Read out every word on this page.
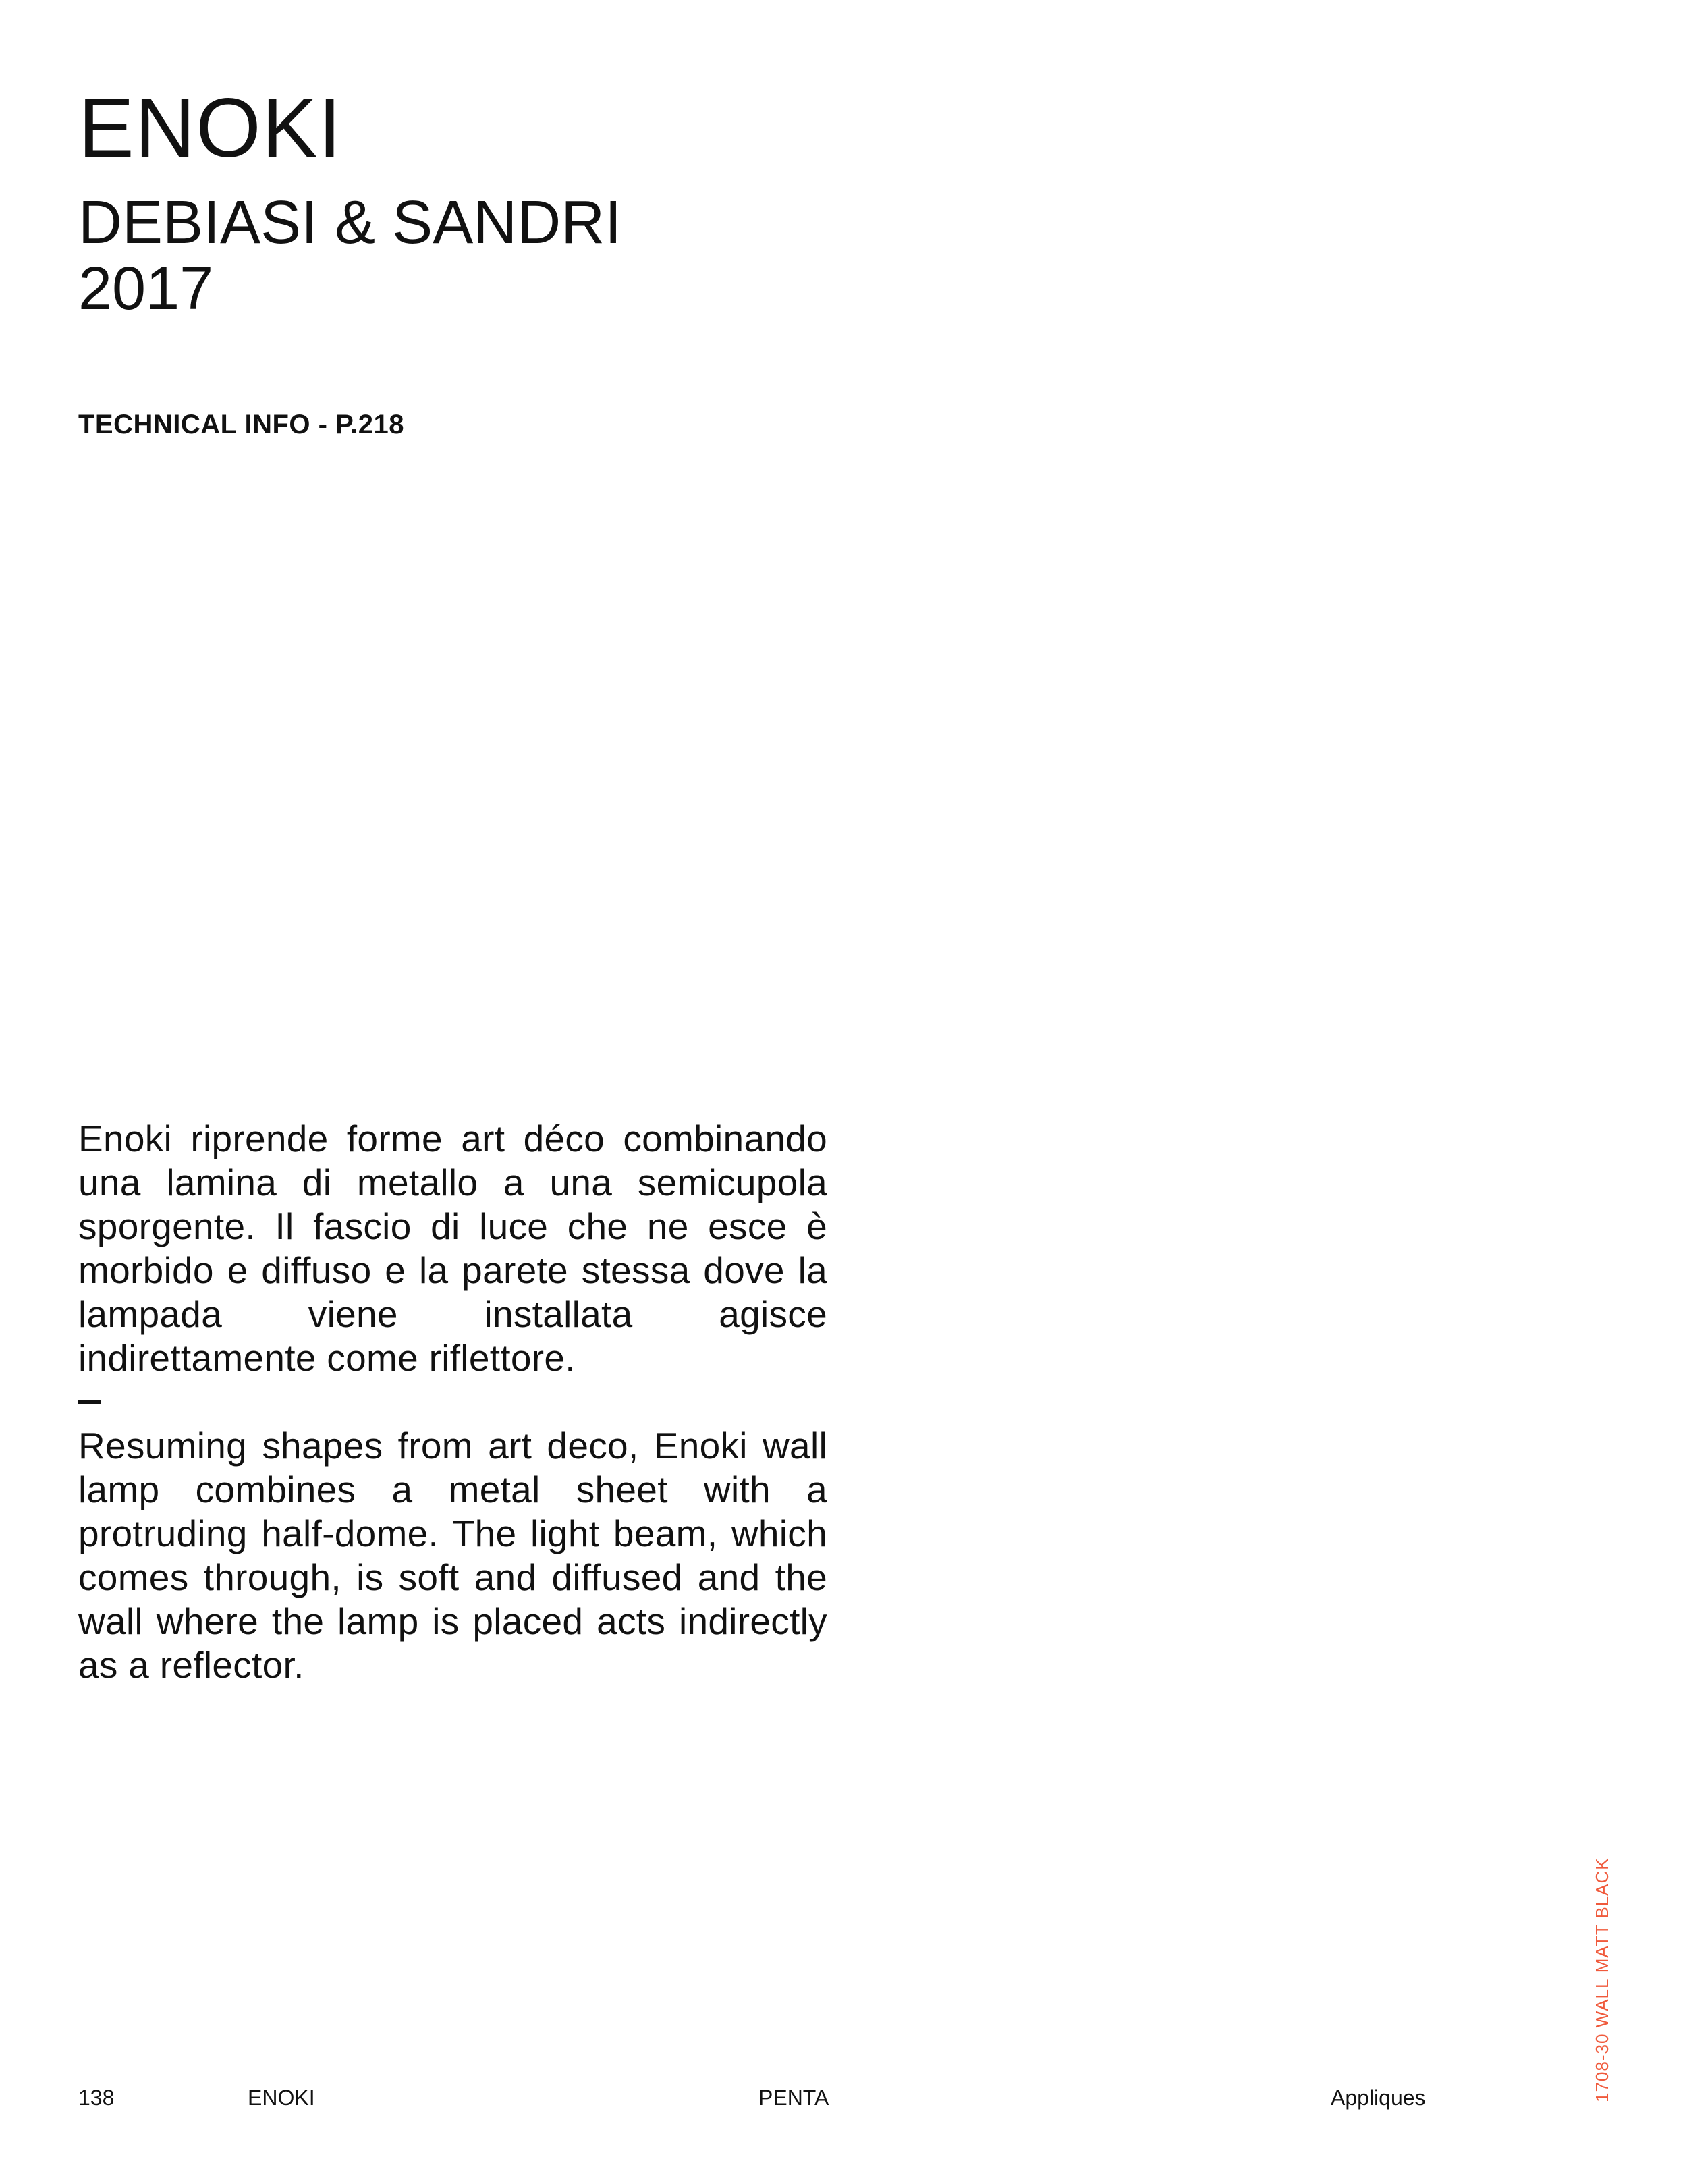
ENOKI
DEBIASI & SANDRI
2017
TECHNICAL INFO - P.218

Enoki riprende forme art déco combinando una lamina di metallo a una semicupola sporgente. Il fascio di luce che ne esce è morbido e diffuso e la parete stessa dove la lampada viene installata agisce indirettamente come riflettore.

Resuming shapes from art deco, Enoki wall lamp combines a metal sheet with a protruding half-dome. The light beam, which comes through, is soft and diffused and the wall where the lamp is placed acts indirectly as a reflector.

138	ENOKI	PENTA	Appliques	1708-30 WALL MATT BLACK
